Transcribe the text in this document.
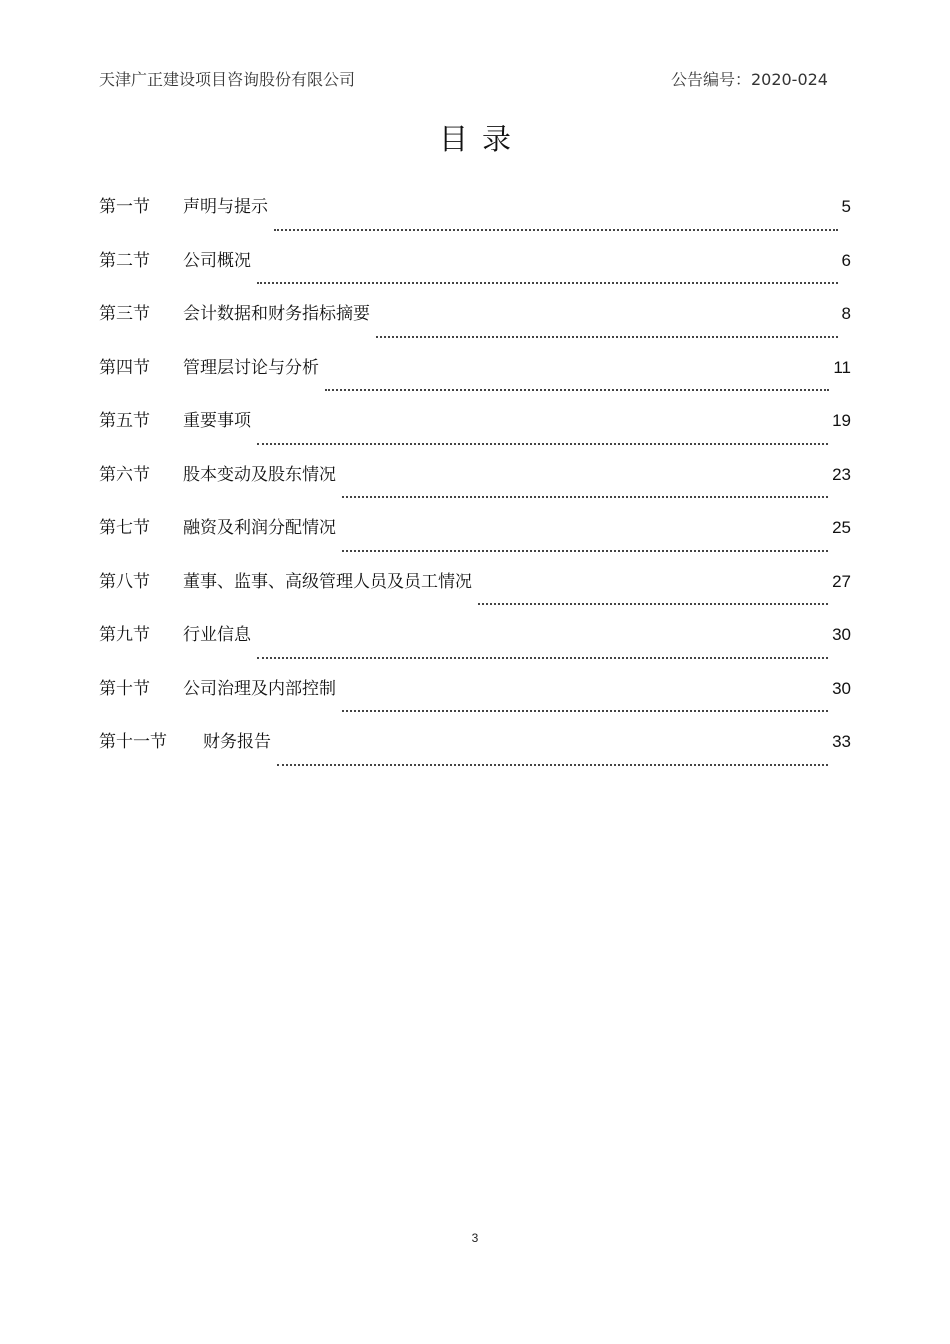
天津广正建设项目咨询股份有限公司	公告编号：2020-024
目录
第一节	声明与提示	5
第二节	公司概况	6
第三节	会计数据和财务指标摘要	8
第四节	管理层讨论与分析	11
第五节	重要事项	19
第六节	股本变动及股东情况	23
第七节	融资及利润分配情况	25
第八节	董事、监事、高级管理人员及员工情况	27
第九节	行业信息	30
第十节	公司治理及内部控制	30
第十一节	财务报告	33
3
